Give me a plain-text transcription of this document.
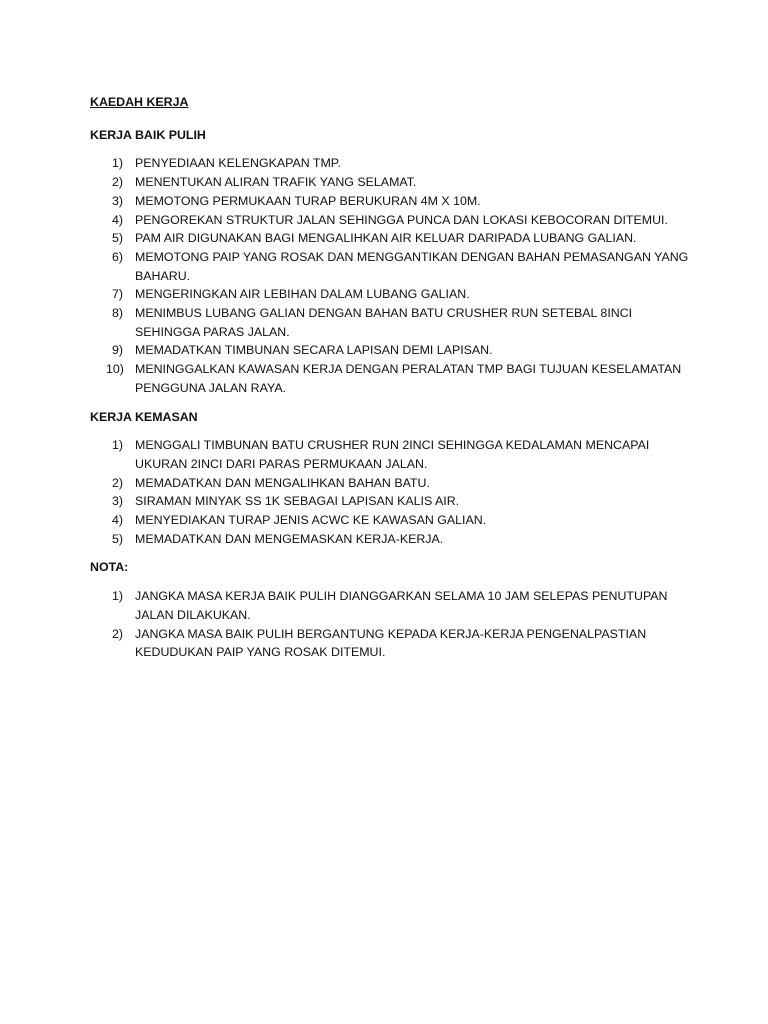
KAEDAH KERJA
KERJA BAIK PULIH
1) PENYEDIAAN KELENGKAPAN TMP.
2) MENENTUKAN ALIRAN TRAFIK YANG SELAMAT.
3) MEMOTONG PERMUKAAN TURAP BERUKURAN 4M X 10M.
4) PENGOREKAN STRUKTUR JALAN SEHINGGA PUNCA DAN LOKASI KEBOCORAN DITEMUI.
5) PAM AIR DIGUNAKAN BAGI MENGALIHKAN AIR KELUAR DARIPADA LUBANG GALIAN.
6) MEMOTONG PAIP YANG ROSAK DAN MENGGANTIKAN DENGAN BAHAN PEMASANGAN YANG BAHARU.
7) MENGERINGKAN AIR LEBIHAN DALAM LUBANG GALIAN.
8) MENIMBUS LUBANG GALIAN DENGAN BAHAN BATU CRUSHER RUN SETEBAL 8INCI SEHINGGA PARAS JALAN.
9) MEMADATKAN TIMBUNAN SECARA LAPISAN DEMI LAPISAN.
10) MENINGGALKAN KAWASAN KERJA DENGAN PERALATAN TMP BAGI TUJUAN KESELAMATAN PENGGUNA JALAN RAYA.
KERJA KEMASAN
1) MENGGALI TIMBUNAN BATU CRUSHER RUN 2INCI SEHINGGA KEDALAMAN MENCAPAI UKURAN 2INCI DARI PARAS PERMUKAAN JALAN.
2) MEMADATKAN DAN MENGALIHKAN BAHAN BATU.
3) SIRAMAN MINYAK SS 1K SEBAGAI LAPISAN KALIS AIR.
4) MENYEDIAKAN TURAP JENIS ACWC KE KAWASAN GALIAN.
5) MEMADATKAN DAN MENGEMASKAN KERJA-KERJA.
NOTA:
1) JANGKA MASA KERJA BAIK PULIH DIANGGARKAN SELAMA 10 JAM SELEPAS PENUTUPAN JALAN DILAKUKAN.
2) JANGKA MASA BAIK PULIH BERGANTUNG KEPADA KERJA-KERJA PENGENALPASTIAN KEDUDUKAN PAIP YANG ROSAK DITEMUI.
